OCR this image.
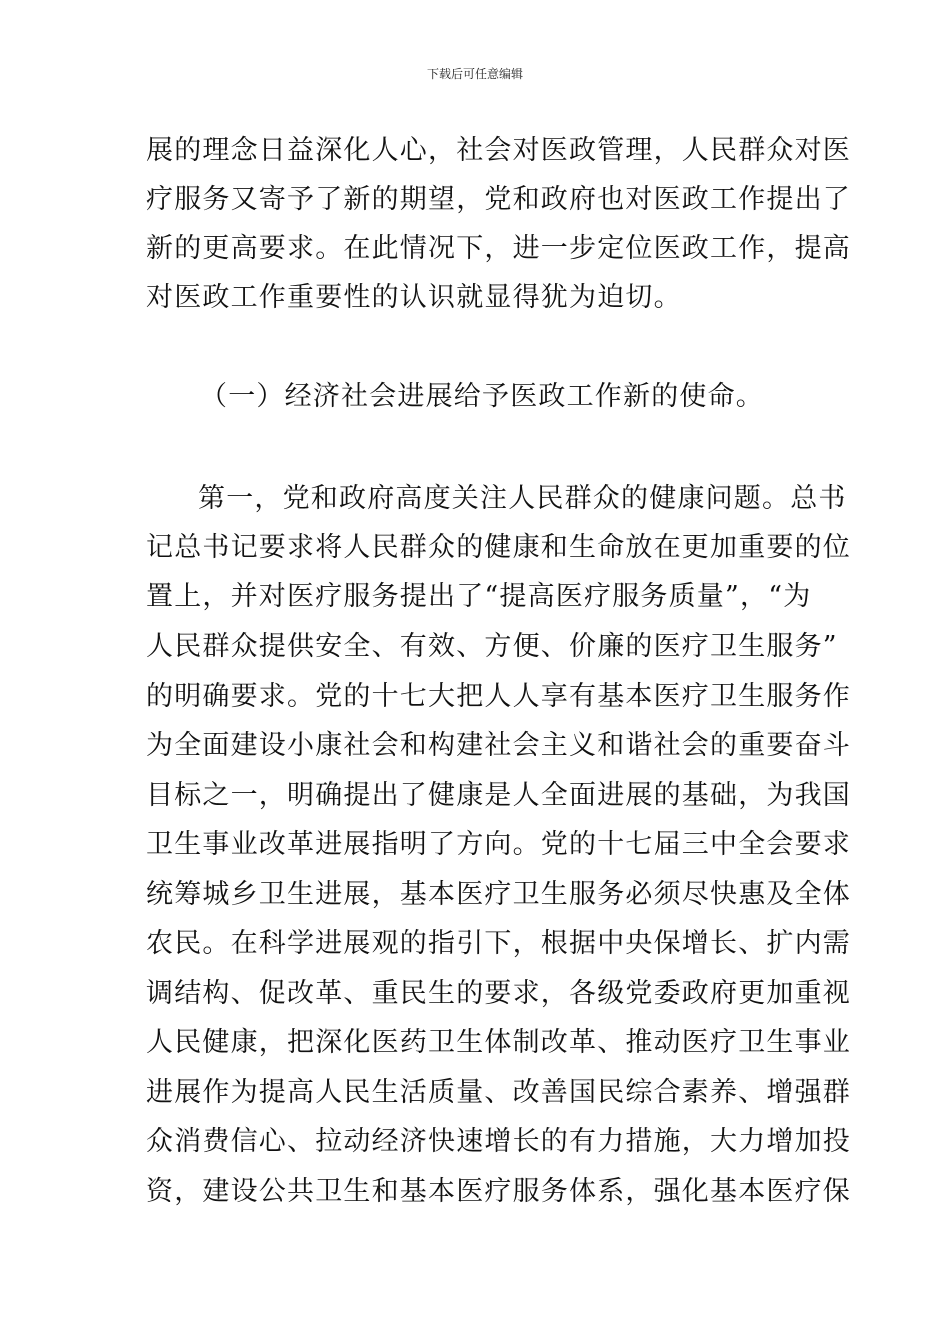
下载后可任意编辑
展的理念日益深化人心，社会对医政管理，人民群众对医
疗服务又寄予了新的期望，党和政府也对医政工作提出了
新的更高要求。在此情况下，进一步定位医政工作，提高
对医政工作重要性的认识就显得犹为迫切。
（一）经济社会进展给予医政工作新的使命。
第一，党和政府高度关注人民群众的健康问题。总书
记总书记要求将人民群众的健康和生命放在更加重要的位
置上，并对医疗服务提出了“提高医疗服务质量”，“为
人民群众提供安全、有效、方便、价廉的医疗卫生服务”
的明确要求。党的十七大把人人享有基本医疗卫生服务作
为全面建设小康社会和构建社会主义和谐社会的重要奋斗
目标之一，明确提出了健康是人全面进展的基础，为我国
卫生事业改革进展指明了方向。党的十七届三中全会要求
统筹城乡卫生进展，基本医疗卫生服务必须尽快惠及全体
农民。在科学进展观的指引下，根据中央保增长、扩内需
调结构、促改革、重民生的要求，各级党委政府更加重视
人民健康，把深化医药卫生体制改革、推动医疗卫生事业
进展作为提高人民生活质量、改善国民综合素养、增强群
众消费信心、拉动经济快速增长的有力措施，大力增加投
资，建设公共卫生和基本医疗服务体系，强化基本医疗保
